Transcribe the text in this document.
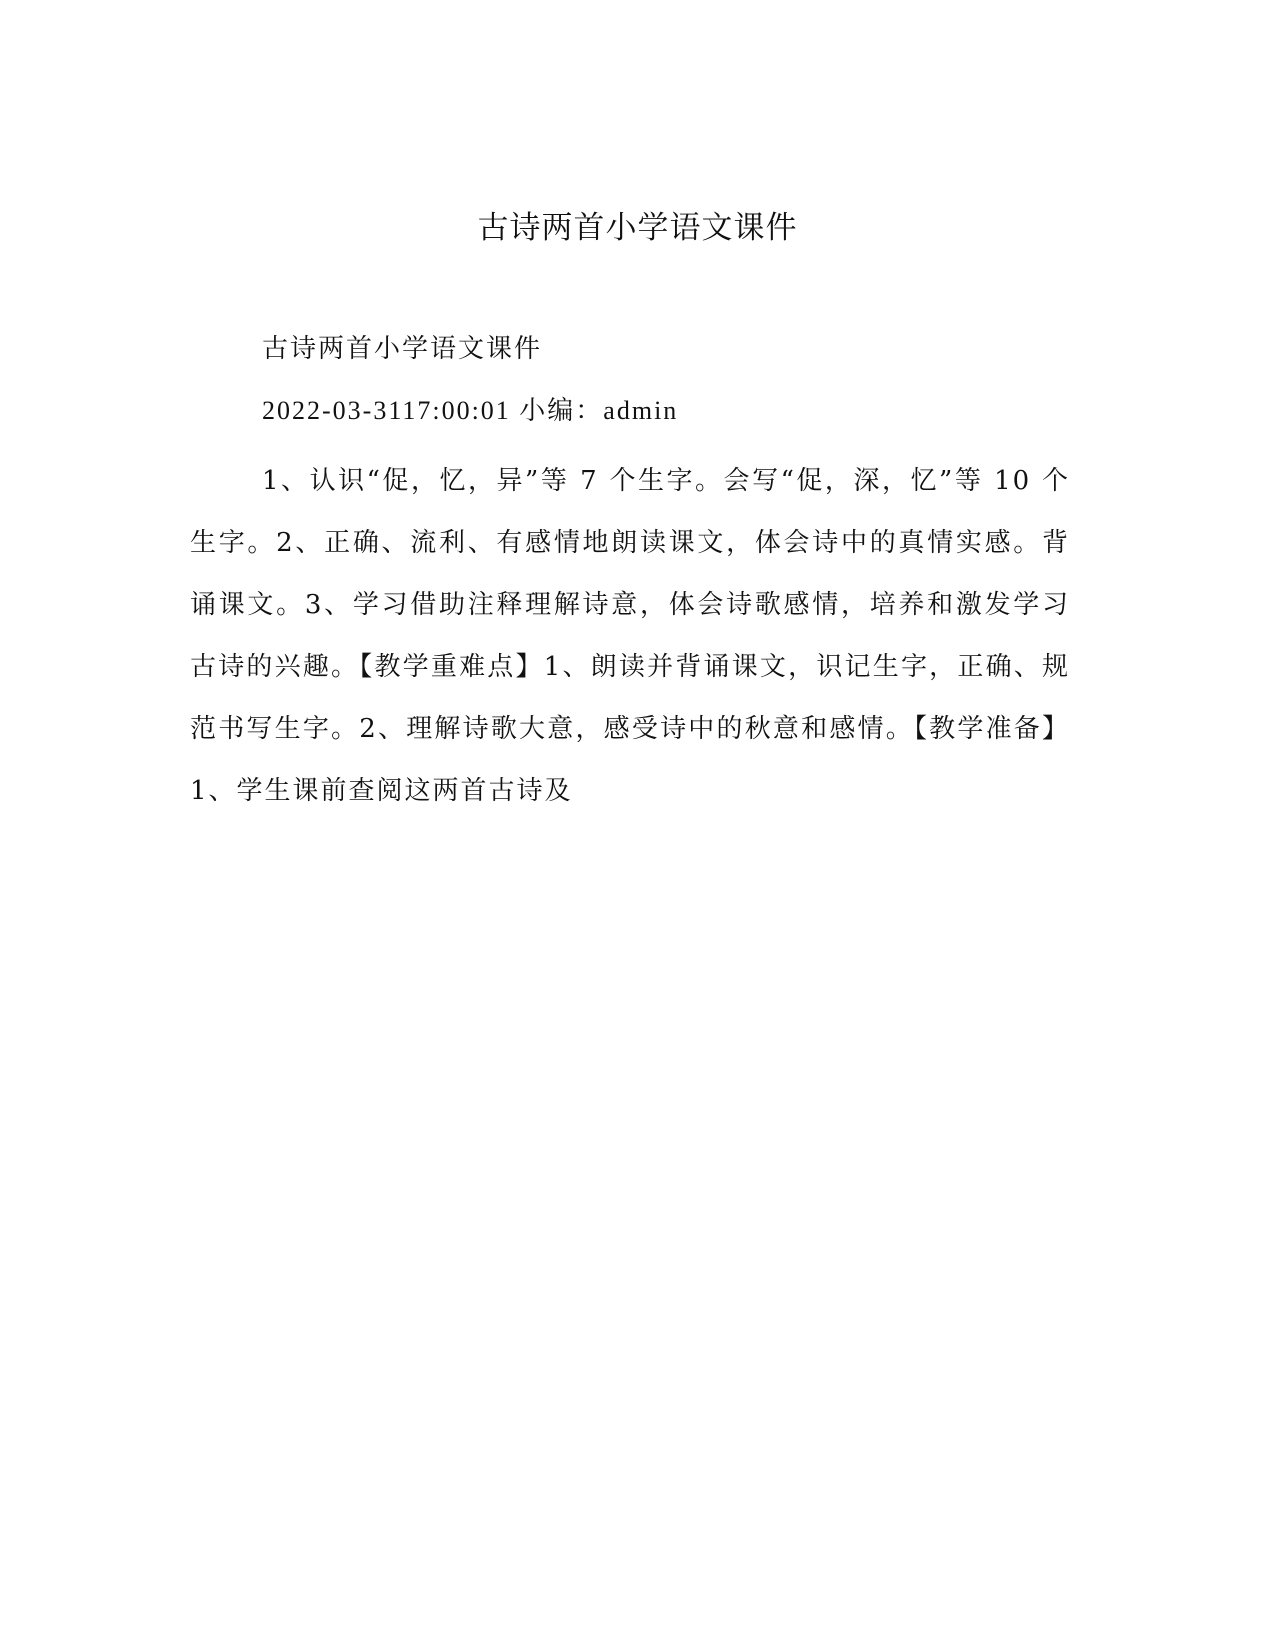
古诗两首小学语文课件

古诗两首小学语文课件

2022-03-3117:00:01 小编：admin

1、认识“促，忆，异”等 7 个生字。会写“促，深，忆”等 10 个生字。2、正确、流利、有感情地朗读课文，体会诗中的真情实感。背诵课文。3、学习借助注释理解诗意，体会诗歌感情，培养和激发学习古诗的兴趣。【教学重难点】1、朗读并背诵课文，识记生字，正确、规范书写生字。2、理解诗歌大意，感受诗中的秋意和感情。【教学准备】1、学生课前查阅这两首古诗及
